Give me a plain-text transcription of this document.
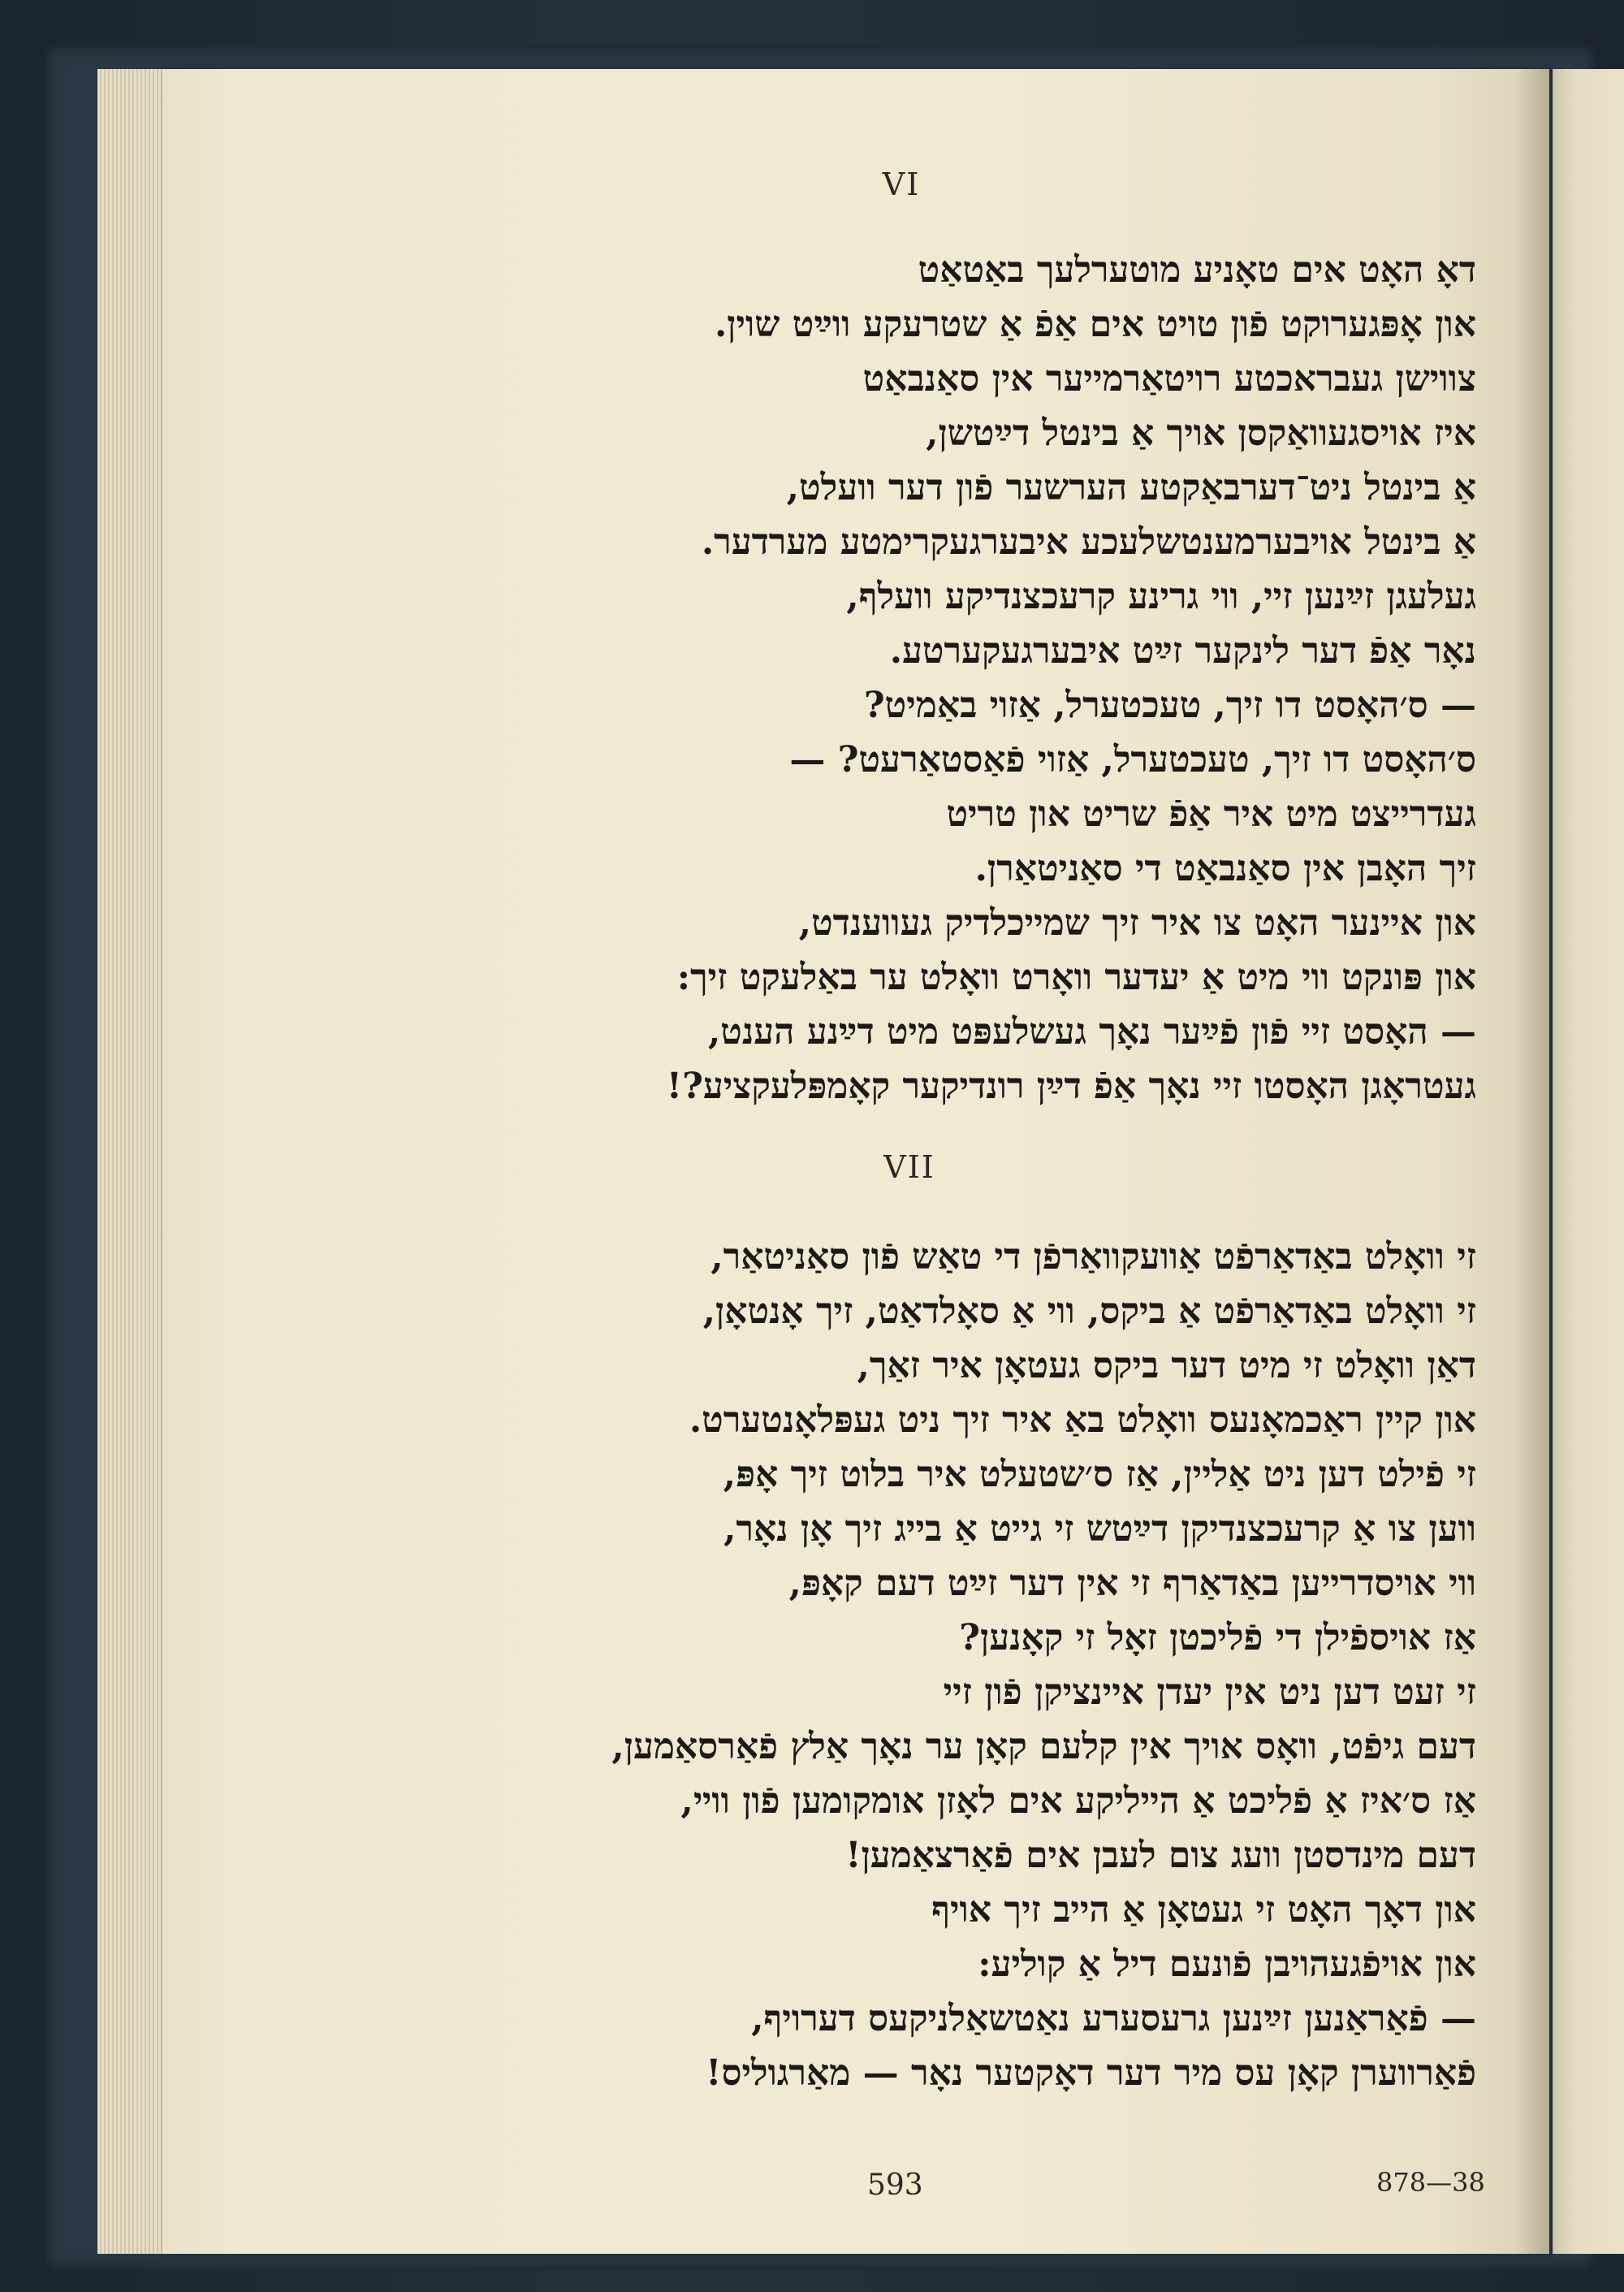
VI
דאָ האָט אים טאָניע מוטערלעך באַטאַט
און אָפּגערוקט פֿון טויט אים אַפֿ אַ שטרעקע ווײַט שוין.
צווישן געבראכטע רויטאַרמייער אין סאַנבאַט
איז אויסגעוואַקסן אויך אַ בינטל דײַטשן,
אַ בינטל ניט־דערבאַקטע הערשער פֿון דער וועלט,
אַ בינטל אויבערמענטשלעכע איבערגעקרימטע מערדער.
געלעגן זײַנען זיי, ווי גרינע קרעכצנדיקע וועלף,
נאָר אַפֿ דער לינקער זײַט איבערגעקערטע.
— ס׳האָסט דו זיך, טעכטערל, אַזוי באַמיט?
ס׳האָסט דו זיך, טעכטערל, אַזוי פֿאַסטאַרעט? —
געדרייצט מיט איר אַפֿ שריט און טריט
זיך האָבן אין סאַנבאַט די סאַניטאַרן.
און איינער האָט צו איר זיך שמייכלדיק געווענדט,
און פּונקט ווי מיט אַ יעדער וואָרט וואָלט ער באַלעקט זיך:
— האָסט זיי פֿון פֿײַער נאָך געשלעפּט מיט דײַנע הענט,
געטראָגן האָסטו זיי נאָך אַפֿ דײַן רונדיקער קאָמפּלעקציע?!
VII
זי וואָלט באַדאַרפֿט אַוועקוואַרפֿן די טאַש פֿון סאַניטאַר,
זי וואָלט באַדאַרפֿט אַ ביקס, ווי אַ סאָלדאַט, זיך אָנטאָן,
דאַן וואָלט זי מיט דער ביקס געטאָן איר זאַך,
און קיין ראַכמאָנעס וואָלט באַ איר זיך ניט געפּלאָנטערט.
זי פֿילט דען ניט אַליין, אַז ס׳שטעלט איר בלוט זיך אָפּ,
ווען צו אַ קרעכצנדיקן דײַטש זי גייט אַ בייג זיך אָן נאָר,
ווי אויסדרייען באַדאַרף זי אין דער זײַט דעם קאָפּ,
אַז אויספֿילן די פֿליכטן זאָל זי קאָנען?
זי זעט דען ניט אין יעדן איינציקן פֿון זיי
דעם גיפֿט, וואָס אויך אין קלעם קאָן ער נאָך אַלץ פֿאַרסאַמען,
אַז ס׳איז אַ פֿליכט אַ הייליקע אים לאָזן אומקומען פֿון ווײ,
דעם מינדסטן וועג צום לעבן אים פֿאַרצאַמען!
און דאָך האָט זי געטאָן אַ הייב זיך אויף
און אויפֿגעהויבן פֿונעם דיל אַ קוליע:
— פֿאַראַנען זײַנען גרעסערע נאַטשאַלניקעס דערויף,
פֿאַרווערן קאָן עס מיר דער דאָקטער נאָר — מאַרגוליס!
593	878—38
